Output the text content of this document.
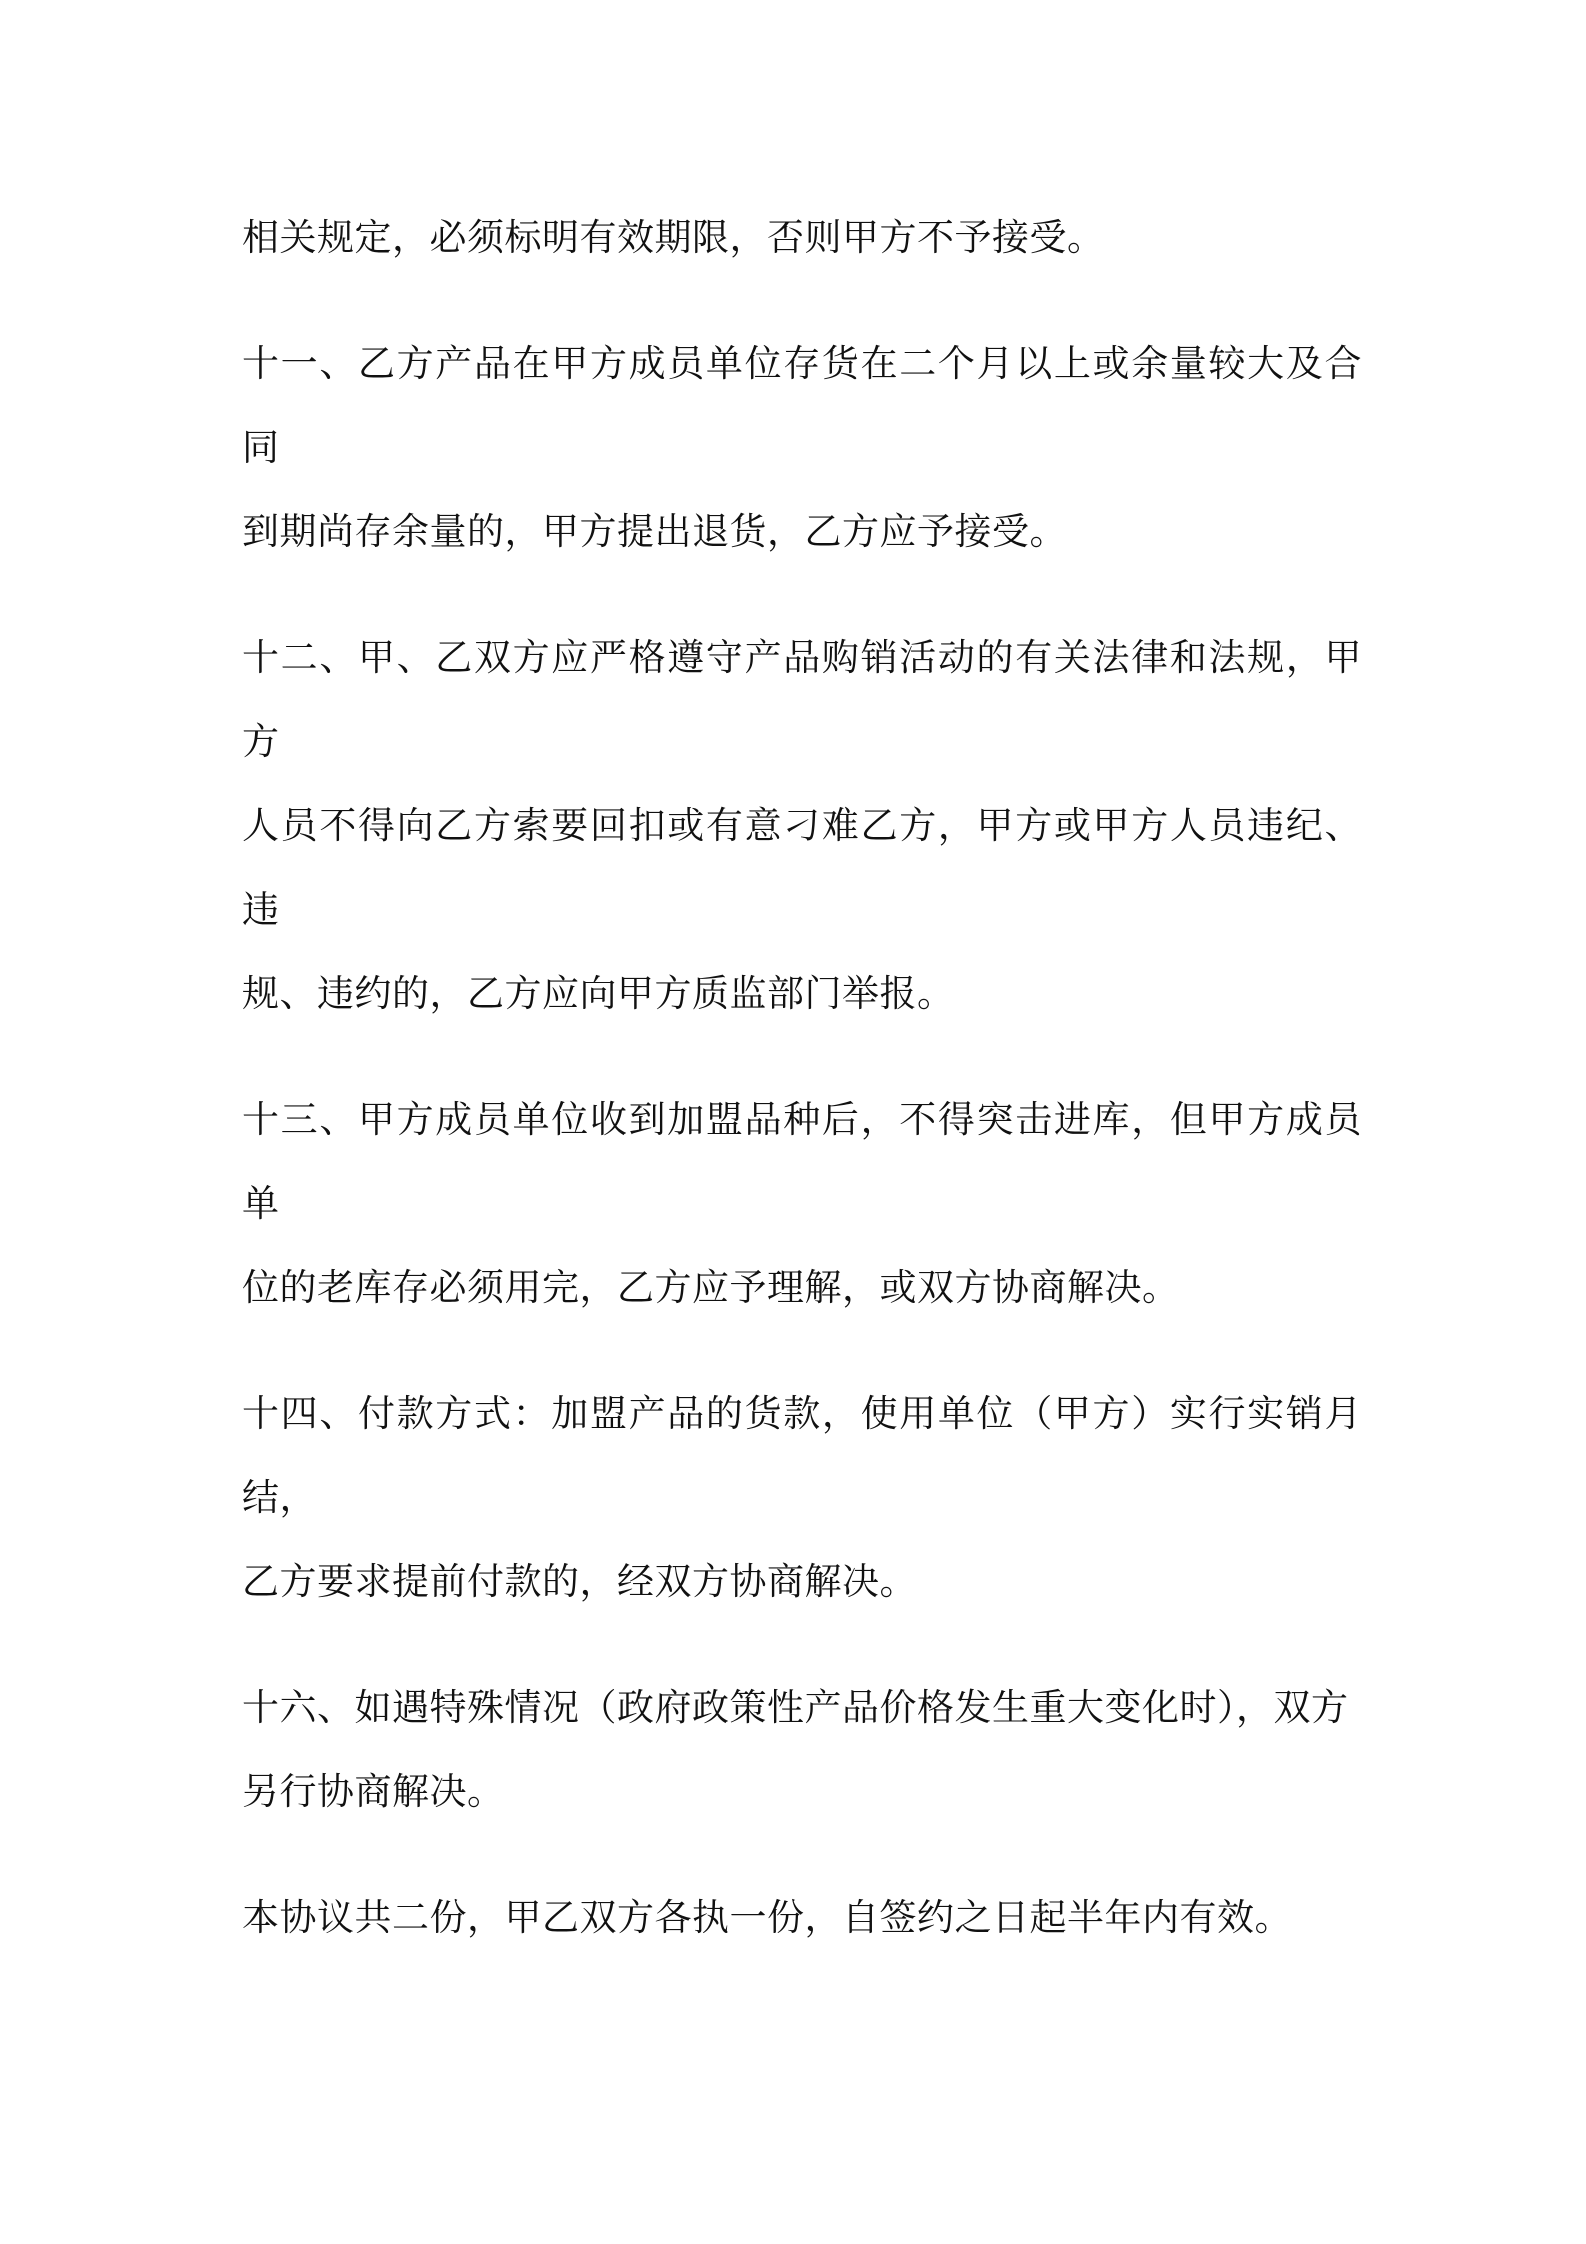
相关规定，必须标明有效期限，否则甲方不予接受。

十一、乙方产品在甲方成员单位存货在二个月以上或余量较大及合同
到期尚存余量的，甲方提出退货，乙方应予接受。

十二、甲、乙双方应严格遵守产品购销活动的有关法律和法规，甲方
人员不得向乙方索要回扣或有意刁难乙方，甲方或甲方人员违纪、违
规、违约的，乙方应向甲方质监部门举报。

十三、甲方成员单位收到加盟品种后，不得突击进库，但甲方成员单
位的老库存必须用完，乙方应予理解，或双方协商解决。

十四、付款方式：加盟产品的货款，使用单位（甲方）实行实销月结，
乙方要求提前付款的，经双方协商解决。

十六、如遇特殊情况（政府政策性产品价格发生重大变化时），双方
另行协商解决。

本协议共二份，甲乙双方各执一份，自签约之日起半年内有效。
